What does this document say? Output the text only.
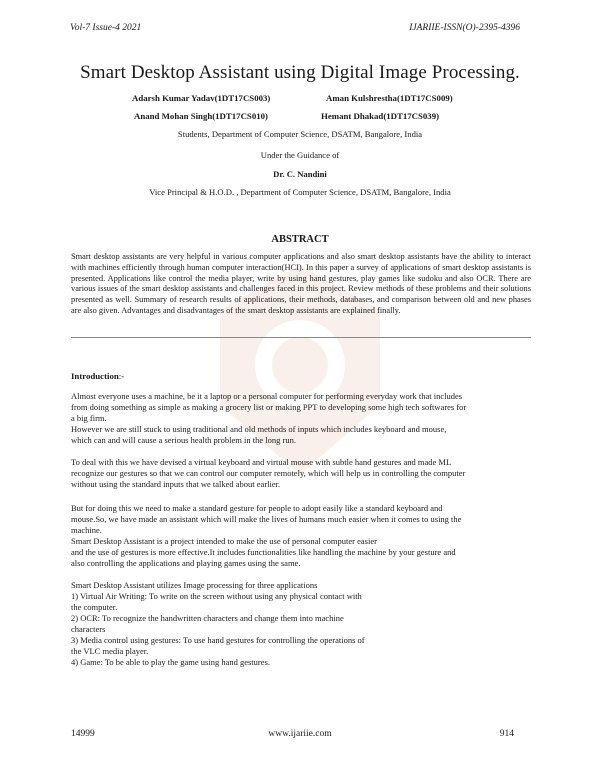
Vol-7 Issue-4 2021	IJARIIE-ISSN(O)-2395-4396
Smart Desktop Assistant using Digital Image Processing.
Adarsh Kumar Yadav(1DT17CS003)	Aman Kulshrestha(1DT17CS009)
Anand Mohan Singh(1DT17CS010)	Hemant Dhakad(1DT17CS039)
Students, Department of Computer Science, DSATM, Bangalore, India
Under the Guidance of
Dr. C. Nandini
Vice Principal & H.O.D. , Department of Computer Science, DSATM, Bangalore, India
ABSTRACT

Smart desktop assistants are very helpful in various computer applications and also smart desktop assistants have the ability to interact with machines efficiently through human computer interaction(HCI). In this paper a survey of applications of smart desktop assistants is presented. Applications like control the media player, write by using hand gestures, play games like sudoku and also OCR. There are various issues of the smart desktop assistants and challenges faced in this project. Review methods of these problems and their solutions presented as well. Summary of research results of applications, their methods, databases, and comparison between old and new phases are also given. Advantages and disadvantages of the smart desktop assistants are explained finally.

Introduction:-
Almost everyone uses a machine, be it a laptop or a personal computer for performing everyday work that includes
from doing something as simple as making a grocery list or making PPT to developing some high tech softwares for
a big firm.
However we are still stuck to using traditional and old methods of inputs which includes keyboard and mouse,
which can and will cause a serious health problem in the long run.
To deal with this we have devised a virtual keyboard and virtual mouse with subtle hand gestures and made ML
recognize our gestures so that we can control our computer remotely, which will help us in controlling the computer
without using the standard inputs that we talked about earlier.
But for doing this we need to make a standard gesture for people to adopt easily like a standard keyboard and
mouse.So, we have made an assistant which will make the lives of humans much easier when it comes to using the
machine.
Smart Desktop Assistant is a project intended to make the use of personal computer easier
and the use of gestures is more effective.It includes functionalities like handling the machine by your gesture and
also controlling the applications and playing games using the same.
Smart Desktop Assistant utilizes Image processing for three applications
1) Virtual Air Writing: To write on the screen without using any physical contact with
the computer.
2) OCR: To recognize the handwritten characters and change them into machine
characters
3) Media control using gestures: To use hand gestures for controlling the operations of
the VLC media player.
4) Game: To be able to play the game using hand gestures.
14999	www.ijariie.com	914
